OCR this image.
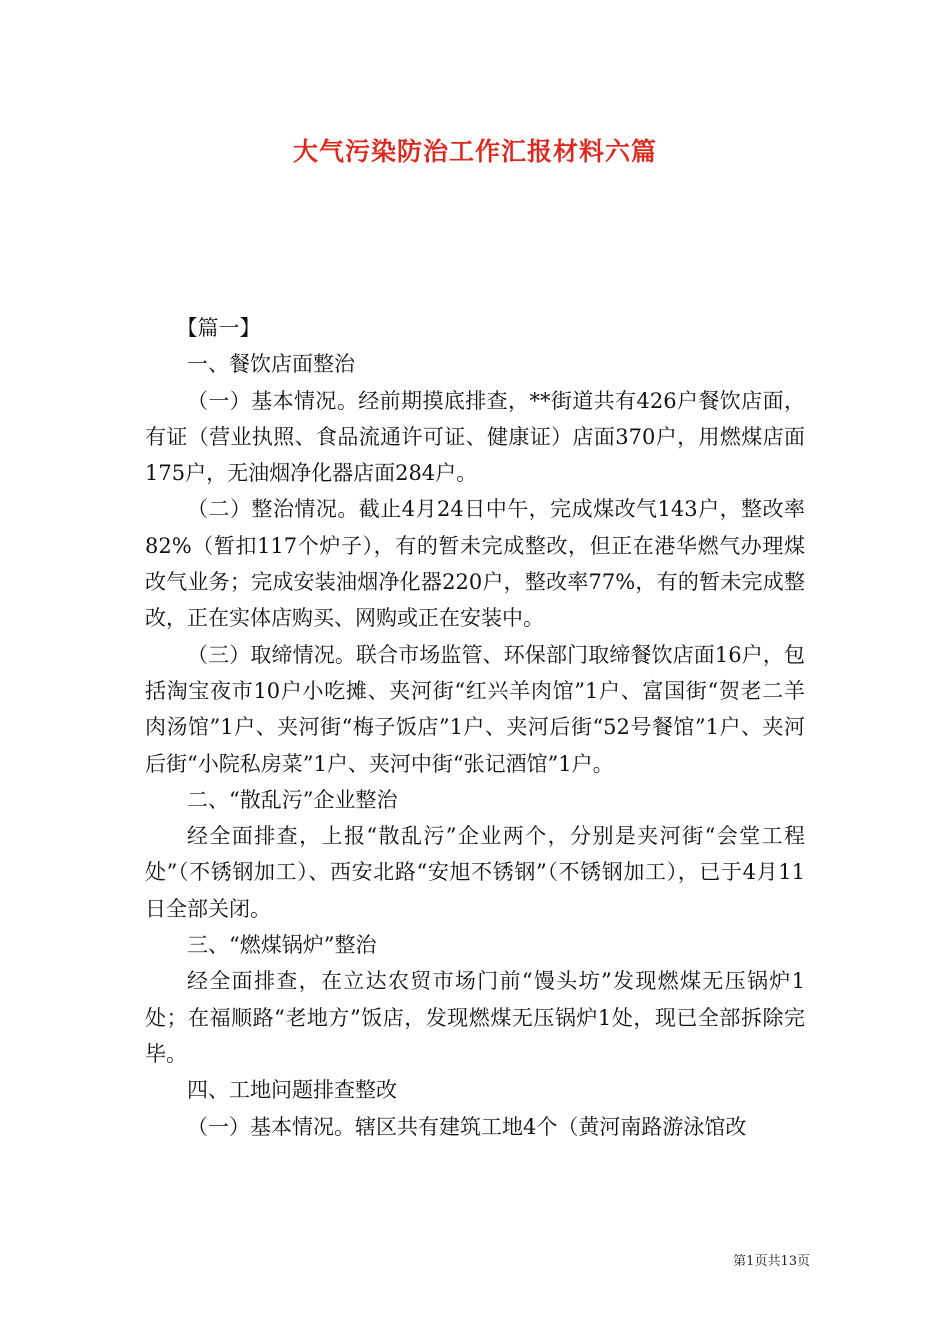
大气污染防治工作汇报材料六篇

【篇一】

一、餐饮店面整治

（一）基本情况。经前期摸底排查，**街道共有426户餐饮店面，有证（营业执照、食品流通许可证、健康证）店面370户，用燃煤店面175户，无油烟净化器店面284户。

（二）整治情况。截止4月24日中午，完成煤改气143户，整改率82%（暂扣117个炉子），有的暂未完成整改，但正在港华燃气办理煤改气业务；完成安装油烟净化器220户，整改率77%，有的暂未完成整改，正在实体店购买、网购或正在安装中。

（三）取缔情况。联合市场监管、环保部门取缔餐饮店面16户，包括淘宝夜市10户小吃摊、夹河街“红兴羊肉馆”1户、富国街“贺老二羊肉汤馆”1户、夹河街“梅子饭店”1户、夹河后街“52号餐馆”1户、夹河后街“小院私房菜”1户、夹河中街“张记酒馆”1户。

二、“散乱污”企业整治

经全面排查，上报“散乱污”企业两个，分别是夹河街“会堂工程处”（不锈钢加工）、西安北路“安旭不锈钢”（不锈钢加工），已于4月11日全部关闭。

三、“燃煤锅炉”整治

经全面排查，在立达农贸市场门前“馒头坊”发现燃煤无压锅炉1处；在福顺路“老地方”饭店，发现燃煤无压锅炉1处，现已全部拆除完毕。

四、工地问题排查整改

（一）基本情况。辖区共有建筑工地4个（黄河南路游泳馆改

第1页共13页
